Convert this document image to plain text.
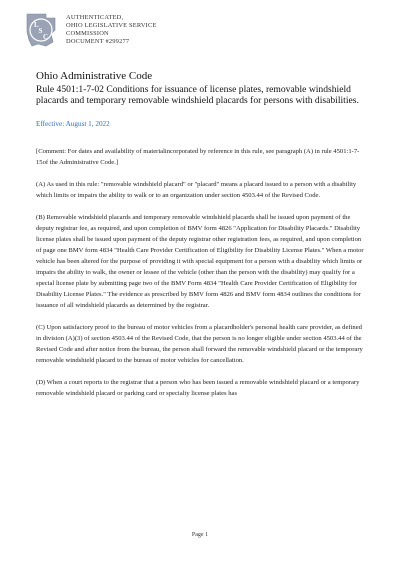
L
S
C
AUTHENTICATED,
OHIO LEGISLATIVE SERVICE
COMMISSION
DOCUMENT #299277
Ohio Administrative Code
Rule 4501:1-7-02 Conditions for issuance of license plates, removable windshield placards and temporary removable windshield placards for persons with disabilities.
Effective: August 1, 2022

[Comment: For dates and availability of materialincorporated by reference in this rule, see paragraph (A) in rule 4501:1-7-15of the Administrative Code.]

(A) As used in this rule: "removable windshield placard" or "placard" means a placard issued to a person with a disability which limits or impairs the ability to walk or to an organization under section 4503.44 of the Revised Code.

(B) Removable windshield placards and temporary removable windshield placards shall be issued upon payment of the deputy registrar fee, as required, and upon completion of BMV form 4826 "Application for Disability Placards." Disability license plates shall be issued upon payment of the deputy registrar other registration fees, as required, and upon completion of page one BMV form 4834 "Health Care Provider Certification of Eligibility for Disability License Plates." When a motor vehicle has been altered for the purpose of providing it with special equipment for a person with a disability which limits or impairs the ability to walk, the owner or lessee of the vehicle (other than the person with the disability) may qualify for a special license plate by submitting page two of the BMV Form 4834 "Health Care Provider Certification of Eligibility for Disability License Plates." The evidence as prescribed by BMV form 4826 and BMV form 4834 outlines the conditions for issuance of all windshield placards as determined by the registrar.

(C) Upon satisfactory proof to the bureau of motor vehicles from a placardholder's personal health care provider, as defined in division (A)(3) of section 4503.44 of the Revised Code, that the person is no longer eligible under section 4503.44 of the Revised Code and after notice from the bureau, the person shall forward the removable windshield placard or the temporary removable windshield placard to the bureau of motor vehicles for cancellation.

(D) When a court reports to the registrar that a person who has been issued a removable windshield placard or a temporary removable windshield placard or parking card or specialty license plates has

Page 1
